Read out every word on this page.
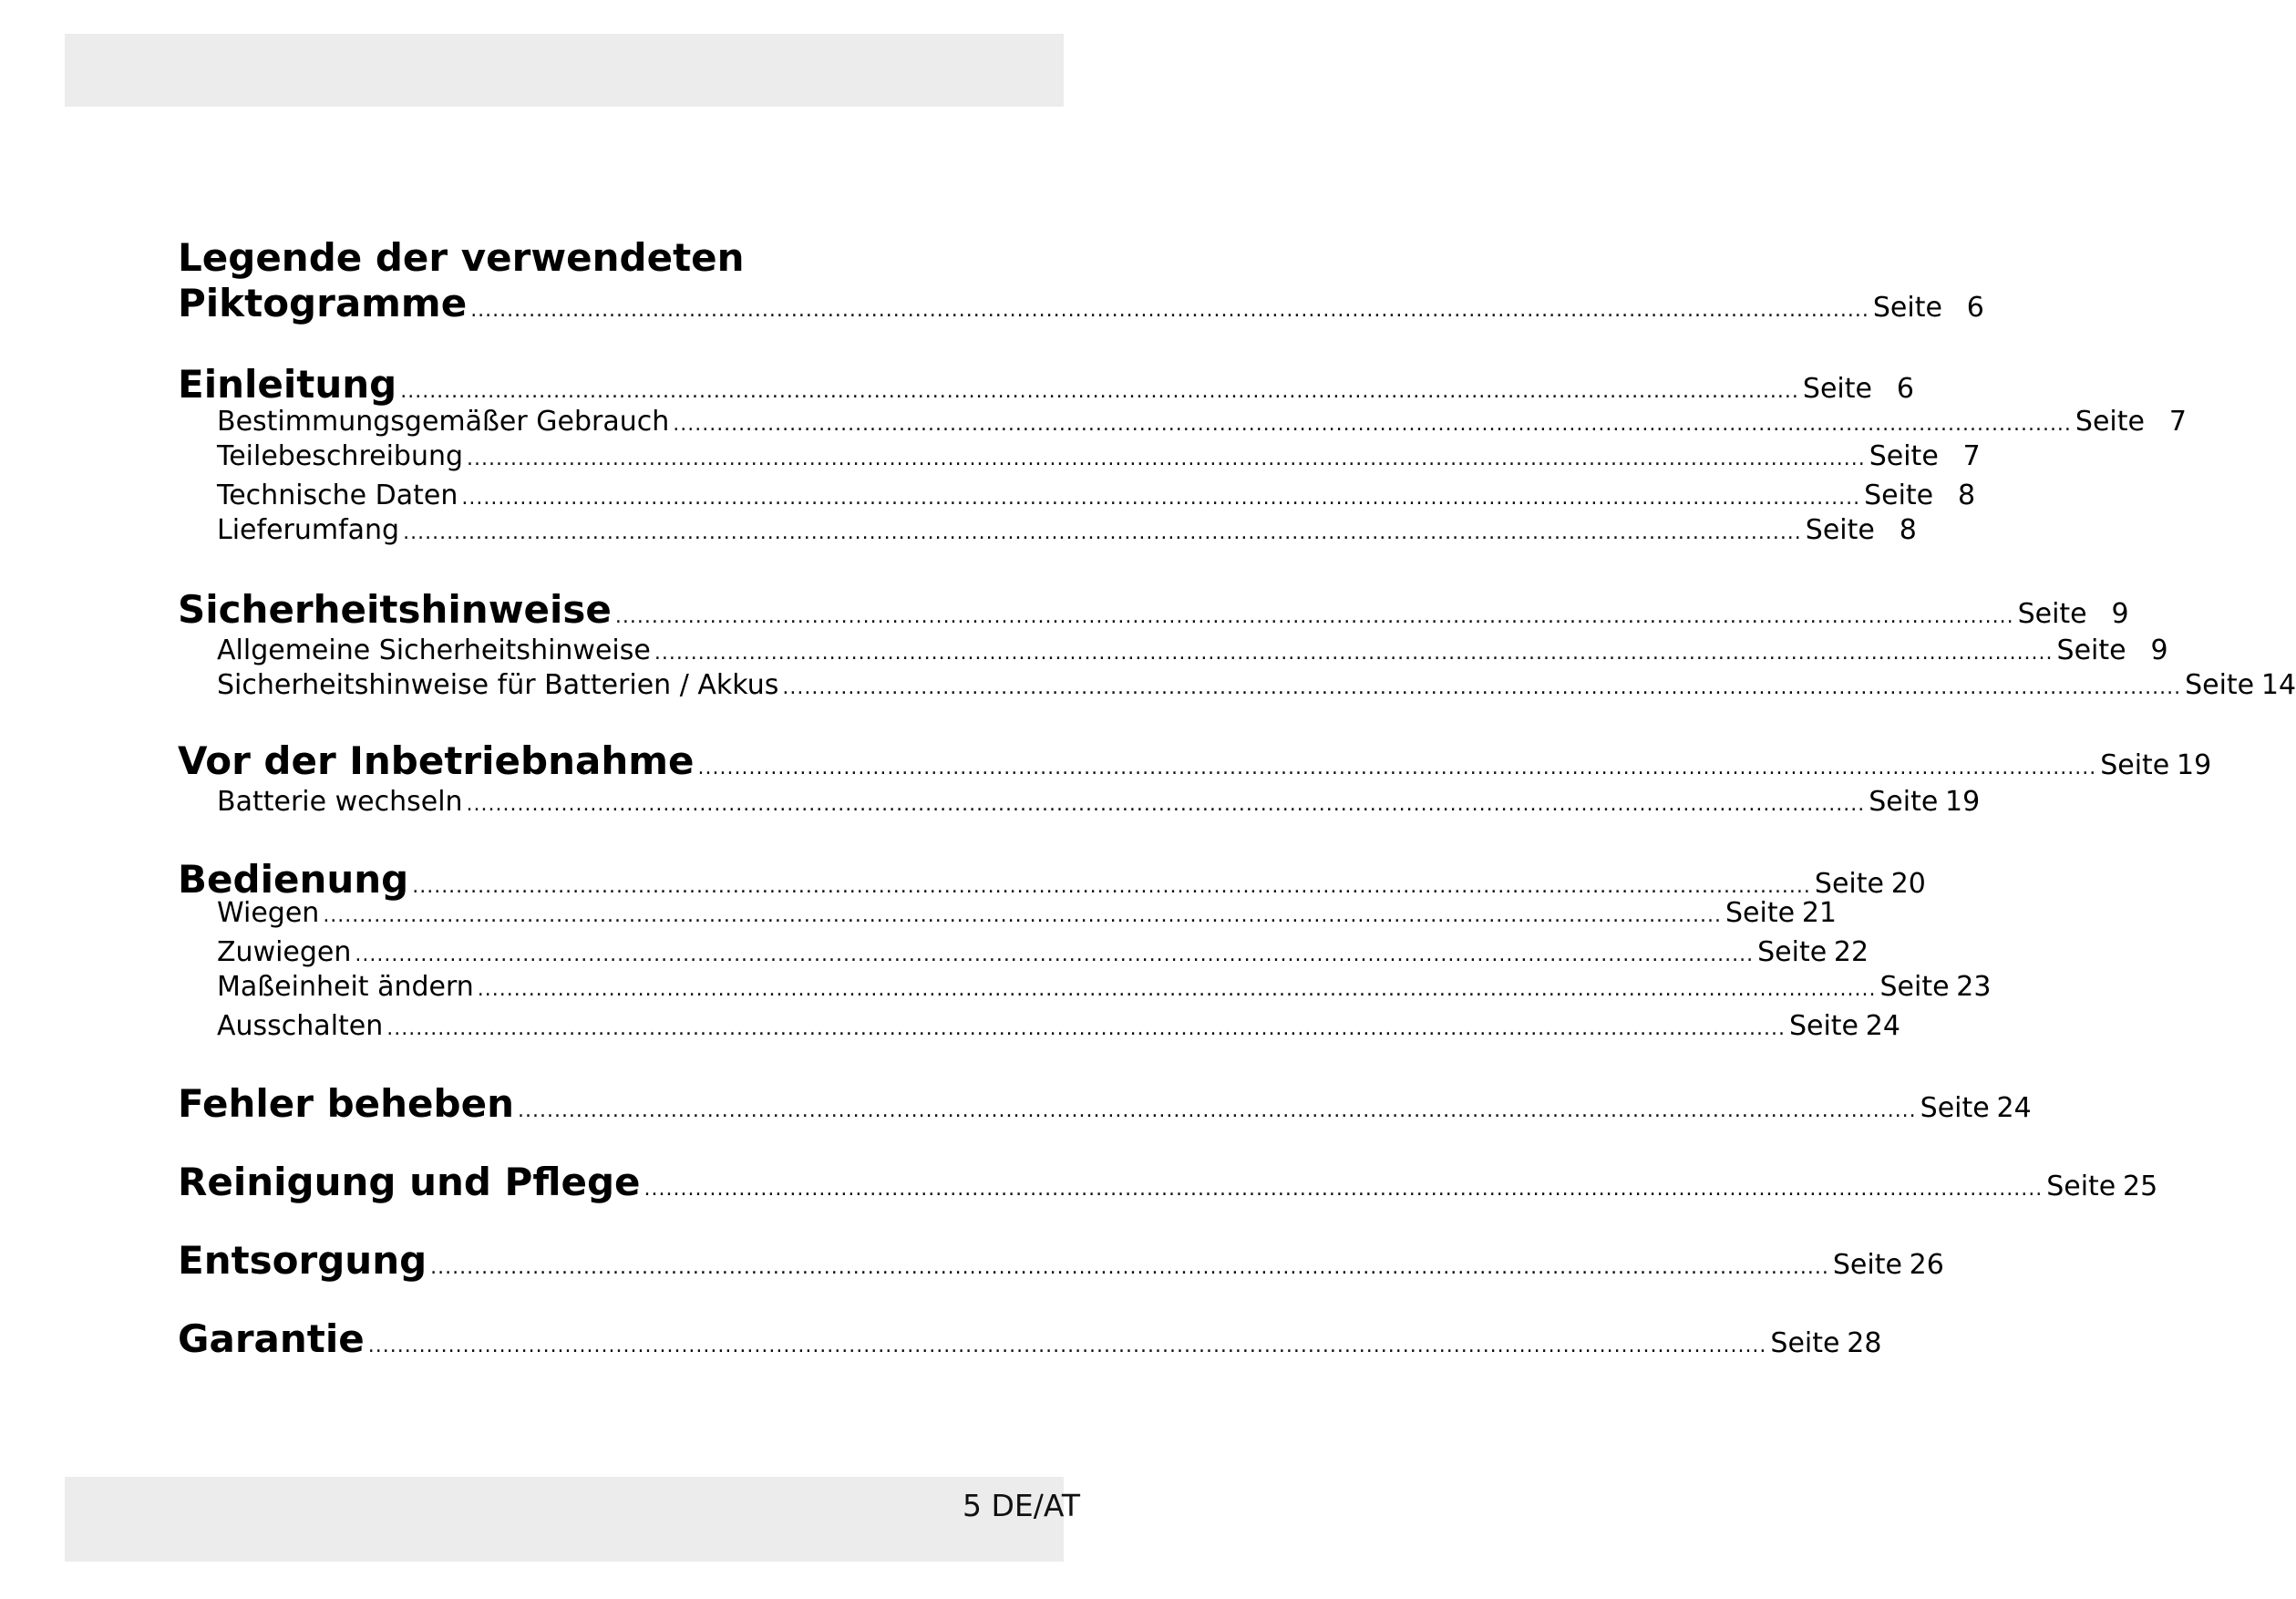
Legende der verwendeten
Piktogramme .....	Seite 6
Einleitung .....	Seite 6
Bestimmungsgemäßer Gebrauch .....	Seite 7
Teilebeschreibung .....	Seite 7
Technische Daten .....	Seite 8
Lieferumfang .....	Seite 8
Sicherheitshinweise .....	Seite 9
Allgemeine Sicherheitshinweise .....	Seite 9
Sicherheitshinweise für Batterien / Akkus .....	Seite 14
Vor der Inbetriebnahme .....	Seite 19
Batterie wechseln .....	Seite 19
Bedienung .....	Seite 20
Wiegen .....	Seite 21
Zuwiegen .....	Seite 22
Maßeinheit ändern .....	Seite 23
Ausschalten .....	Seite 24
Fehler beheben .....	Seite 24
Reinigung und Pflege .....	Seite 25
Entsorgung .....	Seite 26
Garantie .....	Seite 28
5 DE/AT
